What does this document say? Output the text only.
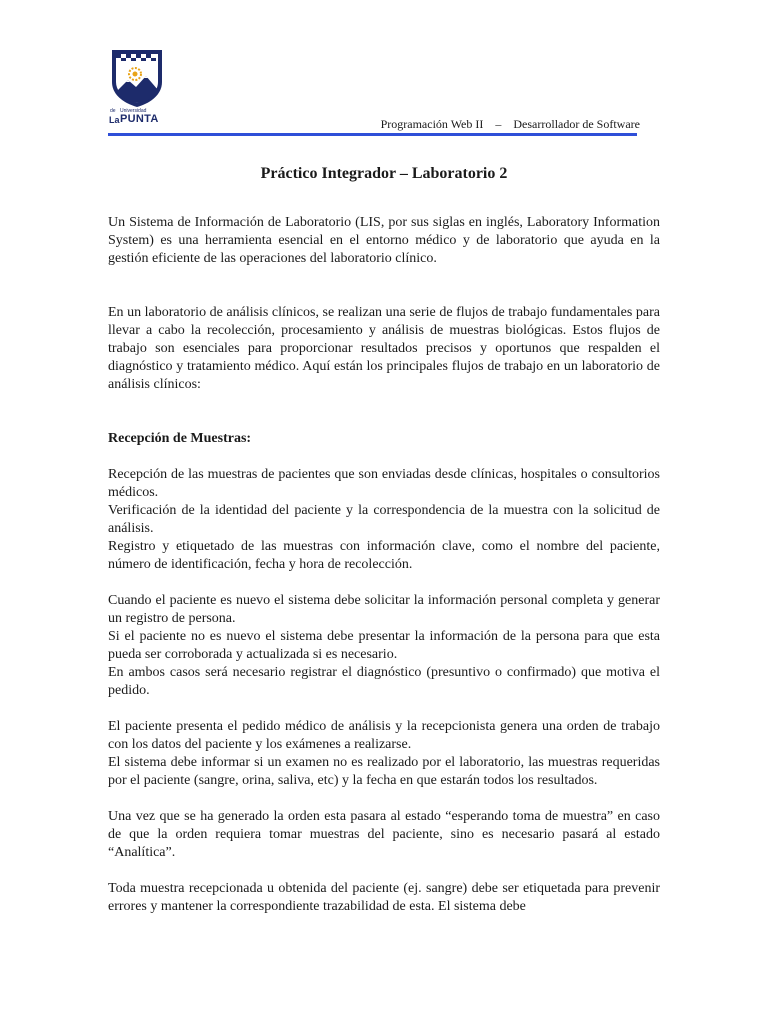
de Universidad
La PUNTA	Programación Web II – Desarrollador de Software
Práctico Integrador – Laboratorio 2

Un Sistema de Información de Laboratorio (LIS, por sus siglas en inglés, Laboratory Information System) es una herramienta esencial en el entorno médico y de laboratorio que ayuda en la gestión eficiente de las operaciones del laboratorio clínico.

En un laboratorio de análisis clínicos, se realizan una serie de flujos de trabajo fundamentales para llevar a cabo la recolección, procesamiento y análisis de muestras biológicas. Estos flujos de trabajo son esenciales para proporcionar resultados precisos y oportunos que respalden el diagnóstico y tratamiento médico. Aquí están los principales flujos de trabajo en un laboratorio de análisis clínicos:

Recepción de Muestras:

Recepción de las muestras de pacientes que son enviadas desde clínicas, hospitales o consultorios médicos.

Verificación de la identidad del paciente y la correspondencia de la muestra con la solicitud de análisis.

Registro y etiquetado de las muestras con información clave, como el nombre del paciente, número de identificación, fecha y hora de recolección.

Cuando el paciente es nuevo el sistema debe solicitar la información personal completa y generar un registro de persona.

Si el paciente no es nuevo el sistema debe presentar la información de la persona para que esta pueda ser corroborada y actualizada si es necesario.

En ambos casos será necesario registrar el diagnóstico (presuntivo o confirmado) que motiva el pedido.

El paciente presenta el pedido médico de análisis y la recepcionista genera una orden de trabajo con los datos del paciente y los exámenes a realizarse.

El sistema debe informar si un examen no es realizado por el laboratorio, las muestras requeridas por el paciente (sangre, orina, saliva, etc) y la fecha en que estarán todos los resultados.

Una vez que se ha generado la orden esta pasara al estado “esperando toma de muestra” en caso de que la orden requiera tomar muestras del paciente, sino es necesario pasará al estado “Analítica”.

Toda muestra recepcionada u obtenida del paciente (ej. sangre) debe ser etiquetada para prevenir errores y mantener la correspondiente trazabilidad de esta. El sistema debe
